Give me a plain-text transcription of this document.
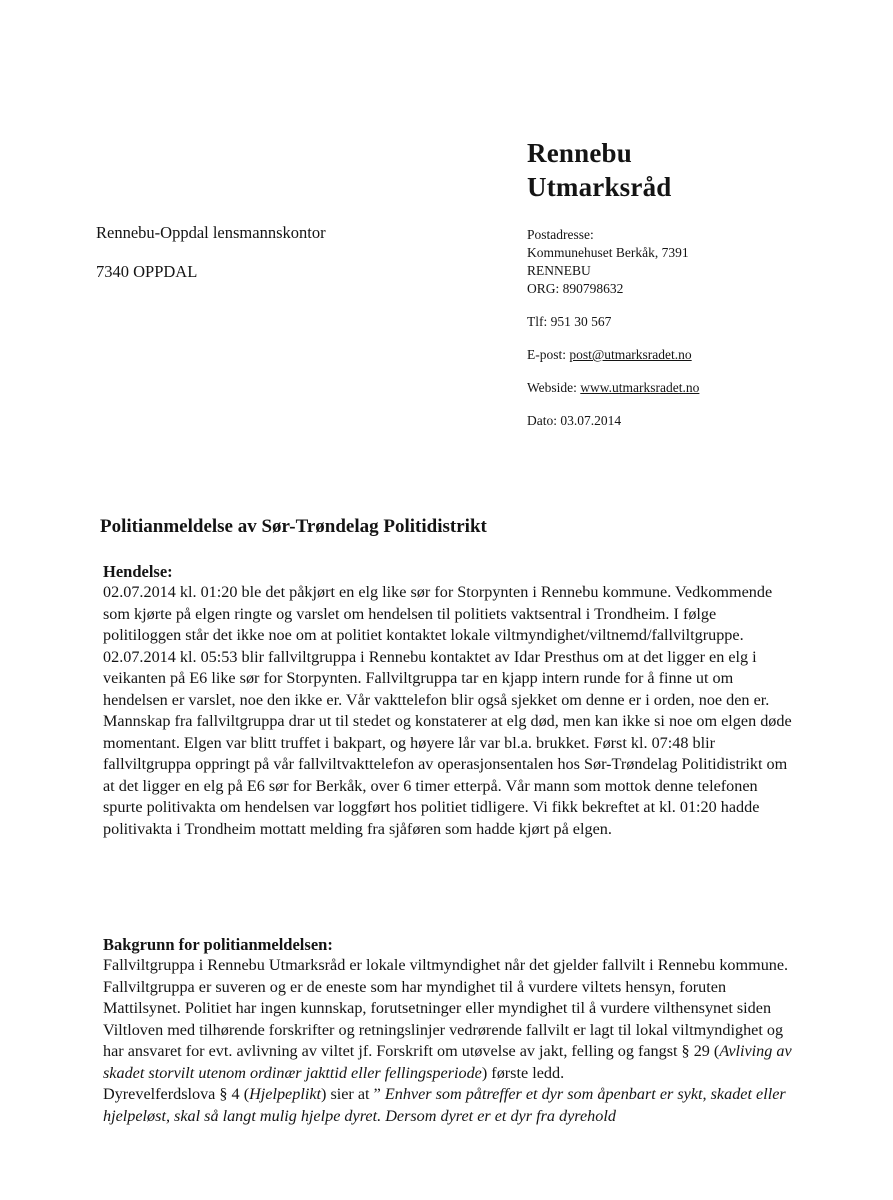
Rennebu
Utmarksråd
Postadresse:
Kommunehuset Berkåk, 7391
RENNEBU
ORG: 890798632
Tlf: 951 30 567
E-post: post@utmarksradet.no
Webside: www.utmarksradet.no
Dato: 03.07.2014
Rennebu-Oppdal lensmannskontor
7340 OPPDAL
Politianmeldelse av Sør-Trøndelag Politidistrikt
Hendelse:

02.07.2014 kl. 01:20 ble det påkjørt en elg like sør for Storpynten i Rennebu kommune. Vedkommende som kjørte på elgen ringte og varslet om hendelsen til politiets vaktsentral i Trondheim. I følge politiloggen står det ikke noe om at politiet kontaktet lokale viltmyndighet/viltnemd/fallviltgruppe.

02.07.2014 kl. 05:53 blir fallviltgruppa i Rennebu kontaktet av Idar Presthus om at det ligger en elg i veikanten på E6 like sør for Storpynten. Fallviltgruppa tar en kjapp intern runde for å finne ut om hendelsen er varslet, noe den ikke er. Vår vakttelefon blir også sjekket om denne er i orden, noe den er.

Mannskap fra fallviltgruppa drar ut til stedet og konstaterer at elg død, men kan ikke si noe om elgen døde momentant. Elgen var blitt truffet i bakpart, og høyere lår var bl.a. brukket. Først kl. 07:48 blir fallviltgruppa oppringt på vår fallviltvakttelefon av operasjonsentalen hos Sør-Trøndelag Politidistrikt om at det ligger en elg på E6 sør for Berkåk, over 6 timer etterpå. Vår mann som mottok denne telefonen spurte politivakta om hendelsen var loggført hos politiet tidligere. Vi fikk bekreftet at kl. 01:20 hadde politivakta i Trondheim mottatt melding fra sjåføren som hadde kjørt på elgen.

Bakgrunn for politianmeldelsen:

Fallviltgruppa i Rennebu Utmarksråd er lokale viltmyndighet når det gjelder fallvilt i Rennebu kommune. Fallviltgruppa er suveren og er de eneste som har myndighet til å vurdere viltets hensyn, foruten Mattilsynet. Politiet har ingen kunnskap, forutsetninger eller myndighet til å vurdere vilthensynet siden Viltloven med tilhørende forskrifter og retningslinjer vedrørende fallvilt er lagt til lokal viltmyndighet og har ansvaret for evt. avlivning av viltet jf. Forskrift om utøvelse av jakt, felling og fangst § 29 (Avliving av skadet storvilt utenom ordinær jakttid eller fellingsperiode) første ledd.

Dyrevelferdslova § 4 (Hjelpeplikt) sier at ” Enhver som påtreffer et dyr som åpenbart er sykt, skadet eller hjelpeløst, skal så langt mulig hjelpe dyret. Dersom dyret er et dyr fra dyrehold
